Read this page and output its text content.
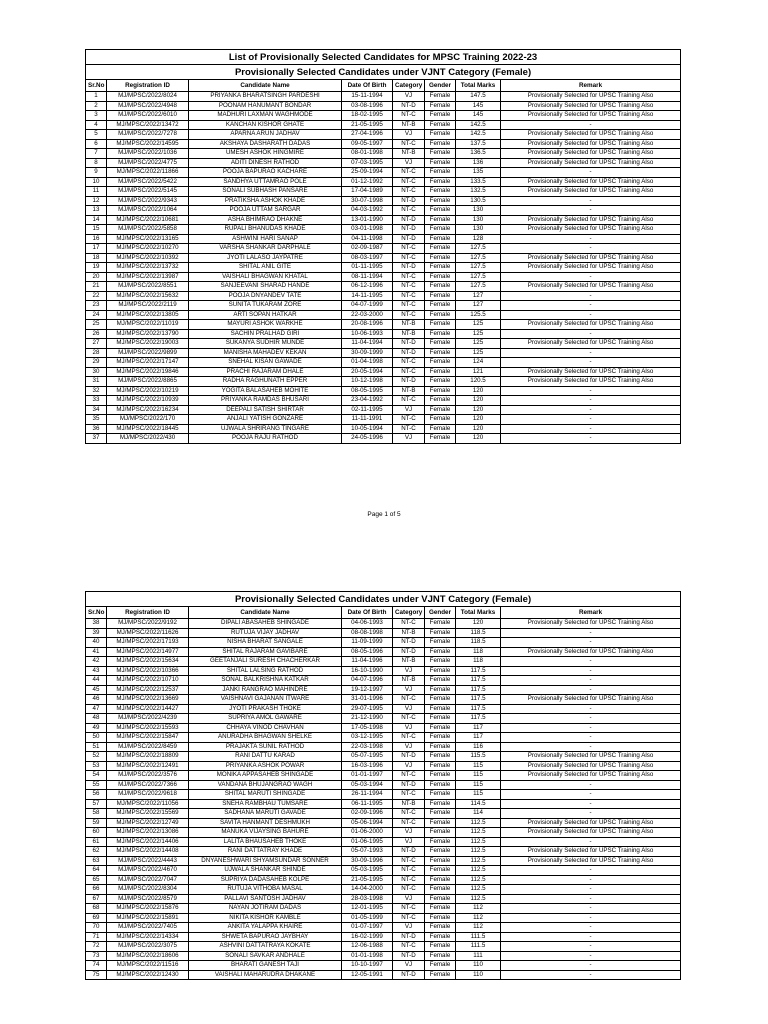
List of Provisionally Selected Candidates for MPSC Training 2022-23							
Provisionally Selected Candidates under VJNT Category (Female)							
Sr.No	Registration ID	Candidate Name	Date Of Birth	Category	Gender	Total Marks	Remark
1	MJ/MPSC/2022/8024	PRIYANKA BHARATSINGH PARDESHI	15-11-1994	VJ	Female	147.5	Provisionally Selected for UPSC Training Also
2	MJ/MPSC/2022/4948	POONAM HANUMANT BONDAR	03-08-1996	NT-D	Female	145	Provisionally Selected for UPSC Training Also
3	MJ/MPSC/2022/6010	MADHURI LAXMAN WAGHMODE	18-02-1995	NT-C	Female	145	Provisionally Selected for UPSC Training Also
4	MJ/MPSC/2022/13472	KANCHAN KISHOR GHATE	21-05-1995	NT-B	Female	142.5	-
5	MJ/MPSC/2022/7278	APARNA ARUN JADHAV	27-04-1996	VJ	Female	142.5	Provisionally Selected for UPSC Training Also
6	MJ/MPSC/2022/14595	AKSHAYA DASHARATH DADAS	09-05-1997	NT-C	Female	137.5	Provisionally Selected for UPSC Training Also
7	MJ/MPSC/2022/1036	UMESH ASHOK HINGMIRE	08-01-1998	NT-B	Female	136.5	Provisionally Selected for UPSC Training Also
8	MJ/MPSC/2022/4775	ADITI DINESH RATHOD	07-03-1995	VJ	Female	136	Provisionally Selected for UPSC Training Also
9	MJ/MPSC/2022/11866	POOJA BAPURAO KACHARE	25-09-1994	NT-C	Female	135	-
10	MJ/MPSC/2022/5422	SANDHYA UTTAMRAO POLE	01-12-1992	NT-C	Female	133.5	Provisionally Selected for UPSC Training Also
11	MJ/MPSC/2022/5145	SONALI SUBHASH PANSARE	17-04-1989	NT-C	Female	132.5	Provisionally Selected for UPSC Training Also
12	MJ/MPSC/2022/9343	PRATIKSHA ASHOK KHADE	30-07-1998	NT-D	Female	130.5	-
13	MJ/MPSC/2022/1064	POOJA UTTAM SARGAR	04-03-1992	NT-C	Female	130	-
14	MJ/MPSC/2022/10681	ASHA BHIMRAO DHAKNE	13-01-1990	NT-D	Female	130	Provisionally Selected for UPSC Training Also
15	MJ/MPSC/2022/5858	RUPALI BHANUDAS KHADE	03-01-1998	NT-D	Female	130	Provisionally Selected for UPSC Training Also
16	MJ/MPSC/2022/13165	ASHWINI HARI SANAP	04-11-1998	NT-D	Female	128	-
17	MJ/MPSC/2022/10270	VARSHA SHANKAR DARPHALE	02-09-1987	NT-C	Female	127.5	-
18	MJ/MPSC/2022/10392	JYOTI LALASO JAYPATRE	08-03-1997	NT-C	Female	127.5	Provisionally Selected for UPSC Training Also
19	MJ/MPSC/2022/13732	SHITAL ANIL GITE	01-11-1995	NT-D	Female	127.5	Provisionally Selected for UPSC Training Also
20	MJ/MPSC/2022/13987	VAISHALI BHAGWAN KHATAL	08-11-1994	NT-C	Female	127.5	-
21	MJ/MPSC/2022/8551	SANJEEVANI SHARAD HANDE	06-12-1996	NT-C	Female	127.5	Provisionally Selected for UPSC Training Also
22	MJ/MPSC/2022/15632	POOJA DNYANDEV TATE	14-11-1995	NT-C	Female	127	-
23	MJ/MPSC/2022/2119	SUNITA TUKARAM ZORE	04-07-1999	NT-C	Female	127	-
24	MJ/MPSC/2022/13805	ARTI SOPAN HATKAR	22-03-2000	NT-C	Female	125.5	-
25	MJ/MPSC/2022/11019	MAYURI ASHOK WARKHE	20-08-1996	NT-B	Female	125	Provisionally Selected for UPSC Training Also
26	MJ/MPSC/2022/13790	SACHIN PRALHAD GIRI	10-06-1993	NT-B	Female	125	-
27	MJ/MPSC/2022/19003	SUKANYA SUDHIR MUNDE	11-04-1994	NT-D	Female	125	Provisionally Selected for UPSC Training Also
28	MJ/MPSC/2022/9899	MANISHA MAHADEV KEKAN	30-09-1999	NT-D	Female	125	-
29	MJ/MPSC/2022/17147	SNEHAL KISAN GAWADE	01-04-1998	NT-C	Female	124	-
30	MJ/MPSC/2022/19846	PRACHI RAJARAM DHALE	20-05-1994	NT-C	Female	121	Provisionally Selected for UPSC Training Also
31	MJ/MPSC/2022/8865	RADHA RAGHUNATH EPPER	10-12-1998	NT-D	Female	120.5	Provisionally Selected for UPSC Training Also
32	MJ/MPSC/2022/10219	YOGITA BALASAHEB MOHITE	08-05-1995	NT-B	Female	120	-
33	MJ/MPSC/2022/10939	PRIYANKA RAMDAS BHUSARI	23-04-1992	NT-C	Female	120	-
34	MJ/MPSC/2022/16234	DEEPALI SATISH SHIRTAR	02-11-1995	VJ	Female	120	-
35	MJ/MPSC/2022/170	ANJALI YATISH GONZARE	11-11-1991	NT-C	Female	120	-
36	MJ/MPSC/2022/18445	UJWALA SHRIRANG TINGARE	10-05-1994	NT-C	Female	120	-
37	MJ/MPSC/2022/430	POOJA RAJU RATHOD	24-05-1996	VJ	Female	120	-
Page 1 of 5
Provisionally Selected Candidates under VJNT Category (Female)							
Sr.No	Registration ID	Candidate Name	Date Of Birth	Category	Gender	Total Marks	Remark
38	MJ/MPSC/2022/9192	DIPALI ABASAHEB SHINGADE	04-06-1993	NT-C	Female	120	Provisionally Selected for UPSC Training Also
39	MJ/MPSC/2022/11626	RUTUJA VIJAY JADHAV	08-08-1998	NT-B	Female	118.5	-
40	MJ/MPSC/2022/17193	NISHA BHARAT SANGALE	11-09-1999	NT-D	Female	118.5	-
41	MJ/MPSC/2022/14977	SHITAL RAJARAM GAVIBARE	08-05-1996	NT-D	Female	118	Provisionally Selected for UPSC Training Also
42	MJ/MPSC/2022/15634	GEETANJALI SURESH CHACHERKAR	11-04-1996	NT-B	Female	118	-
43	MJ/MPSC/2022/10366	SHITAL LALSING RATHOD	16-10-1990	VJ	Female	117.5	-
44	MJ/MPSC/2022/10710	SONAL BALKRISHNA KATKAR	04-07-1996	NT-B	Female	117.5	-
45	MJ/MPSC/2022/12537	JANKI RANGRAO MAHINDRE	19-12-1997	VJ	Female	117.5	-
46	MJ/MPSC/2022/13669	VAISHNAVI GAJANAN ITWARE	31-01-1996	NT-C	Female	117.5	Provisionally Selected for UPSC Training Also
47	MJ/MPSC/2022/14427	JYOTI PRAKASH THOKE	29-07-1995	VJ	Female	117.5	-
48	MJ/MPSC/2022/4239	SUPRIYA AMOL GAWARE	21-12-1990	NT-C	Female	117.5	-
49	MJ/MPSC/2022/15593	CHHAYA VINOD CHAVHAN	17-05-1998	VJ	Female	117	-
50	MJ/MPSC/2022/15847	ANURADHA BHAGWAN SHELKE	03-12-1995	NT-C	Female	117	-
51	MJ/MPSC/2022/8459	PRAJAKTA SUNIL RATHOD	22-03-1998	VJ	Female	116	-
52	MJ/MPSC/2022/18809	RANI DATTU KARAD	05-07-1995	NT-D	Female	115.5	Provisionally Selected for UPSC Training Also
53	MJ/MPSC/2022/12491	PRIYANKA ASHOK POWAR	16-03-1996	VJ	Female	115	Provisionally Selected for UPSC Training Also
54	MJ/MPSC/2022/3576	MONIKA APPASAHEB SHINGADE	01-01-1997	NT-C	Female	115	Provisionally Selected for UPSC Training Also
55	MJ/MPSC/2022/7366	VANDANA BHUJANGRAO WAGH	05-03-1994	NT-D	Female	115	-
56	MJ/MPSC/2022/9618	SHITAL MARUTI SHINGADE	26-11-1994	NT-C	Female	115	-
57	MJ/MPSC/2022/11056	SNEHA RAMBHAU TUMSARE	06-11-1995	NT-B	Female	114.5	-
58	MJ/MPSC/2022/15569	SADHANA MARUTI GAVADE	02-09-1996	NT-C	Female	114	-
59	MJ/MPSC/2022/12749	SAVITA HANMANT DESHMUKH	05-06-1994	NT-C	Female	112.5	Provisionally Selected for UPSC Training Also
60	MJ/MPSC/2022/13086	MANUKA VIJAYSING BAHURE	01-06-2000	VJ	Female	112.5	Provisionally Selected for UPSC Training Also
61	MJ/MPSC/2022/14406	LALITA BHAUSAHEB THOKE	01-06-1995	VJ	Female	112.5	-
62	MJ/MPSC/2022/14408	RANI DATTATRAY KHADE	05-07-1993	NT-D	Female	112.5	Provisionally Selected for UPSC Training Also
63	MJ/MPSC/2022/4443	DNYANESHWARI SHYAMSUNDAR SONNER	30-09-1996	NT-C	Female	112.5	Provisionally Selected for UPSC Training Also
64	MJ/MPSC/2022/4670	UJWALA SHANKAR SHINDE	05-03-1995	NT-C	Female	112.5	-
65	MJ/MPSC/2022/7047	SUPRIYA DADASAHEB KOLPE	21-05-1995	NT-C	Female	112.5	-
66	MJ/MPSC/2022/8304	RUTUJA VITHOBA MASAL	14-04-2000	NT-C	Female	112.5	-
67	MJ/MPSC/2022/8579	PALLAVI SANTOSH JADHAV	28-03-1998	VJ	Female	112.5	-
68	MJ/MPSC/2022/15876	NAYAN JOTIRAM DADAS	12-01-1995	NT-C	Female	112	-
69	MJ/MPSC/2022/15891	NIKITA KISHOR KAMBLE	01-05-1999	NT-C	Female	112	-
70	MJ/MPSC/2022/7405	ANKITA YALAPPA KHAIRE	01-07-1997	VJ	Female	112	-
71	MJ/MPSC/2022/14334	SHWETA BAPURAO JAYBHAY	16-02-1999	NT-D	Female	111.5	-
72	MJ/MPSC/2022/3075	ASHVINI DATTATRAYA KOKATE	12-06-1988	NT-C	Female	111.5	-
73	MJ/MPSC/2022/18606	SONALI SAVKAR ANDHALE	01-01-1998	NT-D	Female	111	-
74	MJ/MPSC/2022/11516	BHARATI GANESH TAJI	10-10-1997	VJ	Female	110	-
75	MJ/MPSC/2022/12430	VAISHALI MAHARUDRA DHAKANE	12-05-1991	NT-D	Female	110	-
